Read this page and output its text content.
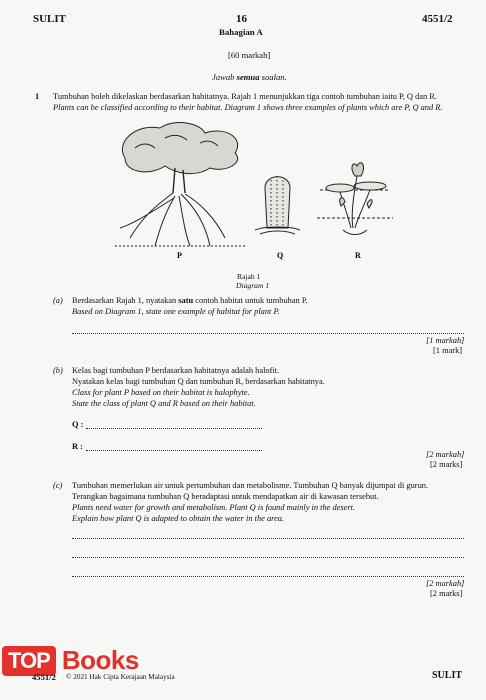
SULIT	16	4551/2
Bahagian A
[60 markah]
Jawab semua soalan.
1 Tumbuhan boleh dikelaskan berdasarkan habitatnya. Rajah 1 menunjukkan tiga contoh tumbuhan iaitu P, Q dan R.
Plants can be classified according to their habitat. Diagram 1 shows three examples of plants which are P, Q and R.
P	Q	R
Rajah 1
Diagram 1
(a) Berdasarkan Rajah 1, nyatakan satu contoh habitat untuk tumbuhan P.
Based on Diagram 1, state one example of habitat for plant P.
[1 markah]
[1 mark]
(b) Kelas bagi tumbuhan P berdasarkan habitatnya adalah halofit.
Nyatakan kelas bagi tumbuhan Q dan tumbuhan R, berdasarkan habitatnya.
Class for plant P based on their habitat is halophyte.
State the class of plant Q and R based on their habitat.
Q :
R :
[2 markah]
[2 marks]
(c) Tumbuhan memerlukan air untuk pertumbuhan dan metabolisme. Tumbuhan Q banyak dijumpai di gurun.
Terangkan bagaimana tumbuhan Q beradaptasi untuk mendapatkan air di kawasan tersebut.
Plants need water for growth and metabolism. Plant Q is found mainly in the desert.
Explain how plant Q is adapted to obtain the water in the area.
[2 markah]
[2 marks]
TOP Books
4551/2 © 2021 Hak Cipta Kerajaan Malaysia	SULIT
